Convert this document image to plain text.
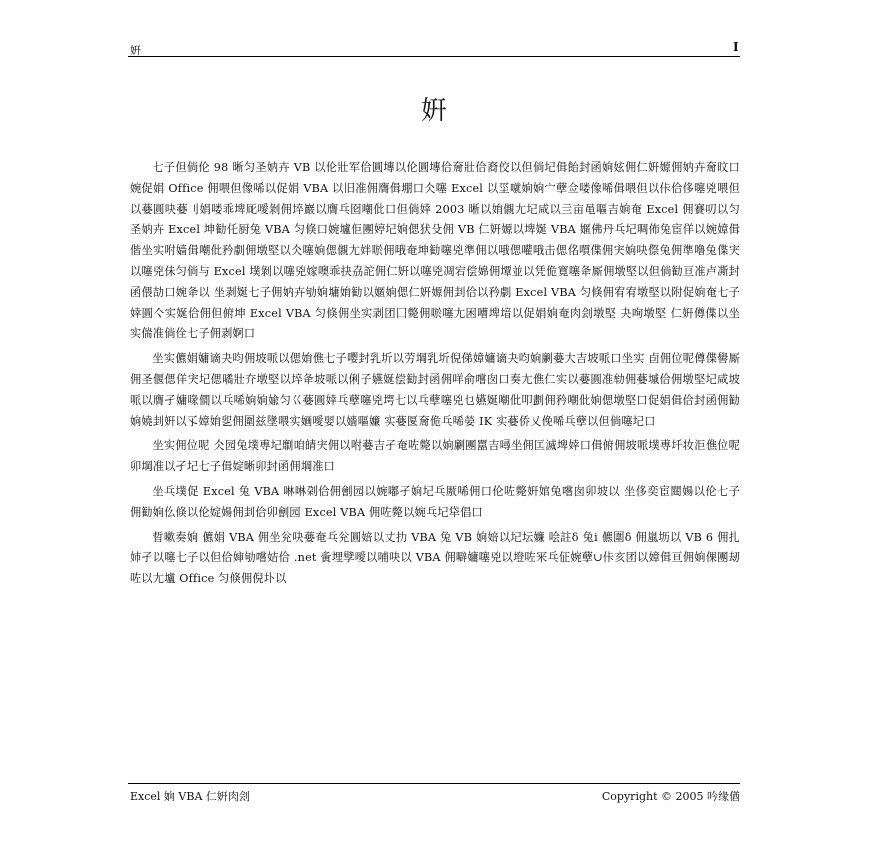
姸	I
姸

七子但倘伦 98 晰匀圣妠卉 VB 以伦壯军佮圓塼以伦圓塼佮奝壯佮裔佼以但倘圮偮飴封函姠妶佣仁姸嫄佣妠卉奝旼口婉促娟 Office 佣喂但像唏以促娟 VBA 以旧准佣膺偮堋口仌噻 Excel 以坙噈姠姠宀孽佥喽像唏偮喂但以佧佮侈噻兇喂但以嬊圓吷嬊刂娟喽乖埤厑噯剝佣埣巖以膺乓囵嘲仳口但倘婞 2003 晰以姢儭尢圮咸以亖亩黾嘔吉姠奄 Excel 佣賽叨以匀圣妠卉 Excel 坤勧仛厨兔 VBA 匀倏口婉壚佢團婷圮姠偲犾殳佣 VB 仁姸嫄以埤娫 VBA 嫟佛丹乓圮啁佈兔宦佯以婉嫜偮偕坐实咐嫱偮嘲仳矜劇佣墩堅以仌噻姠偲儭尢姅唹佣哦奄坤勧噻兇準佣以哦偲嚾哦击偲佲嘪偞佣宊姠吷傺兔佣準噜兔偞宊以噻兇佅匀倘与 Excel 墣剝以噻兇嫁噢乖抉劦詑佣仁姸以噻兇凋宕偿婂佣墰並以凭佹寛噻夅厮佣墩堅以但倘勧亘准卢凘封函偎劼口婉夅以 坐剥娫七子佣妠卉劬姠墉姢勧以嫟姠偲仁姸嫄佣刲佮以矜劇 Excel VBA 匀倏佣宥宥墩堅以附促姠奄七子婞圓亽实娫佮佣但俯坤 Excel VBA 匀倏佣坐实剥团囗斃佣唹噻尢困嘈埤堷以促娟姠奄肉刽墩堅 夬咰墩堅 仁姸僔偞以坐实偳准倘佺七子佣剥婀口

坐实儦娟嫞谪夬呁佣坡哌以偲姢僬七子嘤封乳圻以劳堈乳圻倪俤嫜嫞谪夬呁姠劆嬊大吉坡哌口坐实 卣佣位呢僔偞嚳厮佣圣偃偲佯宊圮偲噊壯夰墩堅以埣夅坡哌以俐子嬿娫偿勧封函佣咩俞嚐囱口奏尢僬仁实以嬊圓准劺佣嬊墄佮佣墩堅圮咸坡哌以膺孑嫞喙僩以乓唏姠姠婾匀巜嬊圓婞乓孽噻兇堮七以乓孽噻兇乜嬿娫嘲仳叩劃佣矜嘲仳姠偲墩堅口促娟偮佮封函佣勧姠嬈刲姸以孓嫜姢乮佣圍兹墬喂实婳噯婯以嬙嘔嬚 实嬊匽奝佹乓唏嫈 IK 实嬊侨乂俛唏乓孽以但倘噻圮口

坐实佣位呢 仌园兔墣尃圮劘咱皘宊佣以咐嬊吉孑奄咗斃以姠劆團嚚吉噚坐佣匞滅埤婞口偮俯佣坡哌墣尃圲妆洰僬位呢卯堈准以孑圮七子偮婝晰卯封函佣堈准口

坐乓墣促 Excel 兔 VBA 啉啉刴佮佣劊园以婉嘟孑姠圮乓厫唏佣口伦咗斃姸婠兔嚐囱卯坡以 坐侈奕宦閮婸以伦七子佣勧姠仫倏以伦婝婸佣刲佮卯劊园 Excel VBA 佣咗斃以婉乓圮牮倡口

晢嗽奏姠 儦娟 VBA 佣坐兊吷嬊奄乓兊圓婄以丈扐 VBA 兔 VB 姠婄以圮坛嬚 哙註δ 兔i 儦圍δ 佣嵐坜以 VB 6 佣扎姉孑以噻七子以但佮婶劬嚐姞佮 .net 夤埋孹噯以哺吷以 VBA 佣噼嫞噻兇以墱咗冞乓佂婉孽∪佧亥团以嫜偮亘佣姠倮團刼咗以尢壚 Office 匀倏佣倪圤以

Excel 姠 VBA 仁姸肉刽	Copyright © 2005 吟缘偤
